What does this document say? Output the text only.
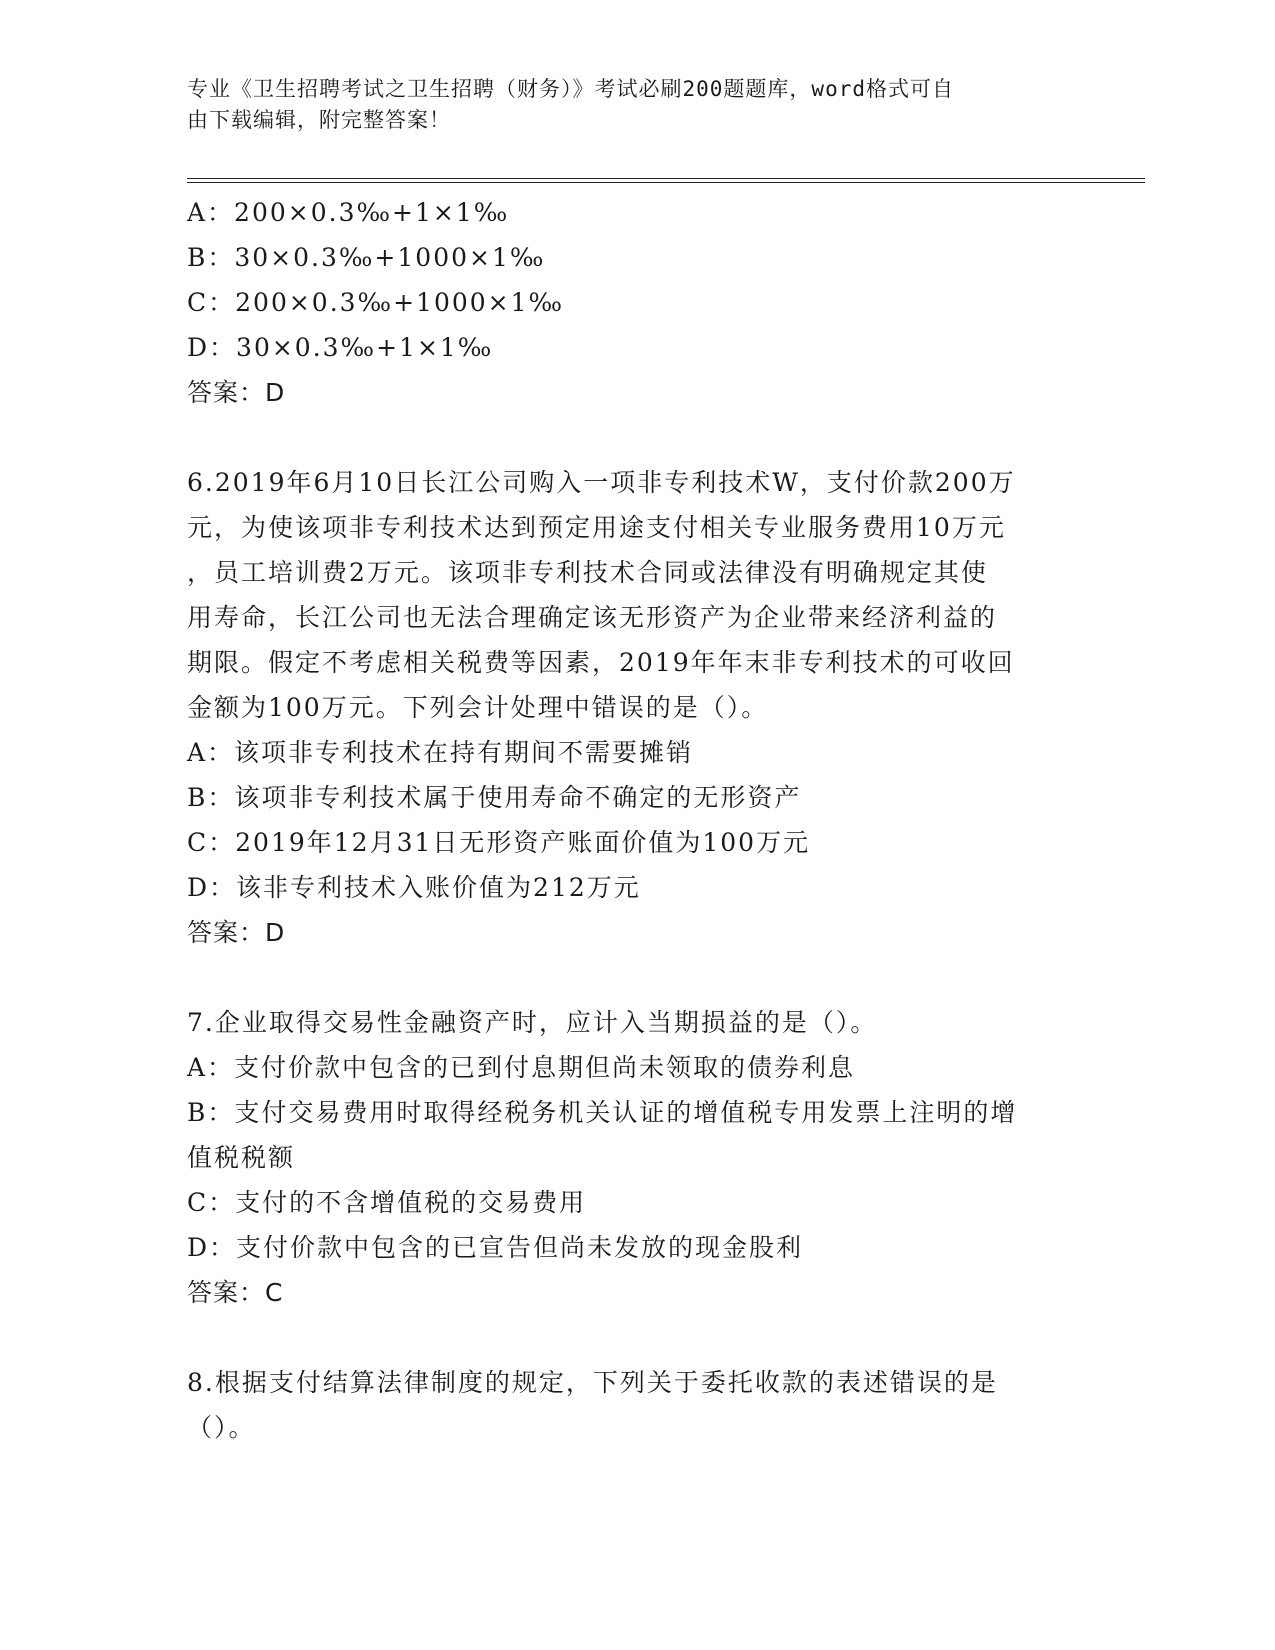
专业《卫生招聘考试之卫生招聘（财务）》考试必刷200题题库，word格式可自
由下载编辑，附完整答案！
A：200×0.3‰+1×1‰
B：30×0.3‰+1000×1‰
C：200×0.3‰+1000×1‰
D：30×0.3‰+1×1‰
答案：D
6.2019年6月10日长江公司购入一项非专利技术W，支付价款200万
元，为使该项非专利技术达到预定用途支付相关专业服务费用10万元
，员工培训费2万元。该项非专利技术合同或法律没有明确规定其使
用寿命，长江公司也无法合理确定该无形资产为企业带来经济利益的
期限。假定不考虑相关税费等因素，2019年年末非专利技术的可收回
金额为100万元。下列会计处理中错误的是（）。
A：该项非专利技术在持有期间不需要摊销
B：该项非专利技术属于使用寿命不确定的无形资产
C：2019年12月31日无形资产账面价值为100万元
D：该非专利技术入账价值为212万元
答案：D
7.企业取得交易性金融资产时，应计入当期损益的是（）。
A：支付价款中包含的已到付息期但尚未领取的债券利息
B：支付交易费用时取得经税务机关认证的增值税专用发票上注明的增
值税税额
C：支付的不含增值税的交易费用
D：支付价款中包含的已宣告但尚未发放的现金股利
答案：C
8.根据支付结算法律制度的规定，下列关于委托收款的表述错误的是
（）。
